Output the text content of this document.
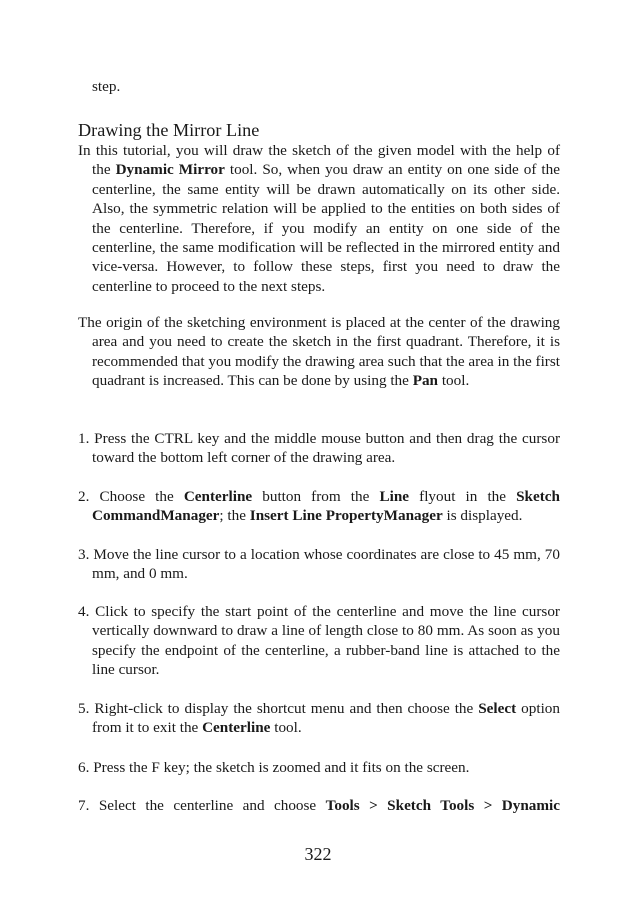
step.

Drawing the Mirror Line

In this tutorial, you will draw the sketch of the given model with the help of the Dynamic Mirror tool. So, when you draw an entity on one side of the centerline, the same entity will be drawn automatically on its other side. Also, the symmetric relation will be applied to the entities on both sides of the centerline. Therefore, if you modify an entity on one side of the centerline, the same modification will be reflected in the mirrored entity and vice-versa. However, to follow these steps, first you need to draw the centerline to proceed to the next steps.

The origin of the sketching environment is placed at the center of the drawing area and you need to create the sketch in the first quadrant. Therefore, it is recommended that you modify the drawing area such that the area in the first quadrant is increased. This can be done by using the Pan tool.

1. Press the CTRL key and the middle mouse button and then drag the cursor toward the bottom left corner of the drawing area.

2. Choose the Centerline button from the Line flyout in the Sketch CommandManager; the Insert Line PropertyManager is displayed.

3. Move the line cursor to a location whose coordinates are close to 45 mm, 70 mm, and 0 mm.

4. Click to specify the start point of the centerline and move the line cursor vertically downward to draw a line of length close to 80 mm. As soon as you specify the endpoint of the centerline, a rubber-band line is attached to the line cursor.

5. Right-click to display the shortcut menu and then choose the Select option from it to exit the Centerline tool.

6. Press the F key; the sketch is zoomed and it fits on the screen.

7. Select the centerline and choose Tools > Sketch Tools > Dynamic

322
